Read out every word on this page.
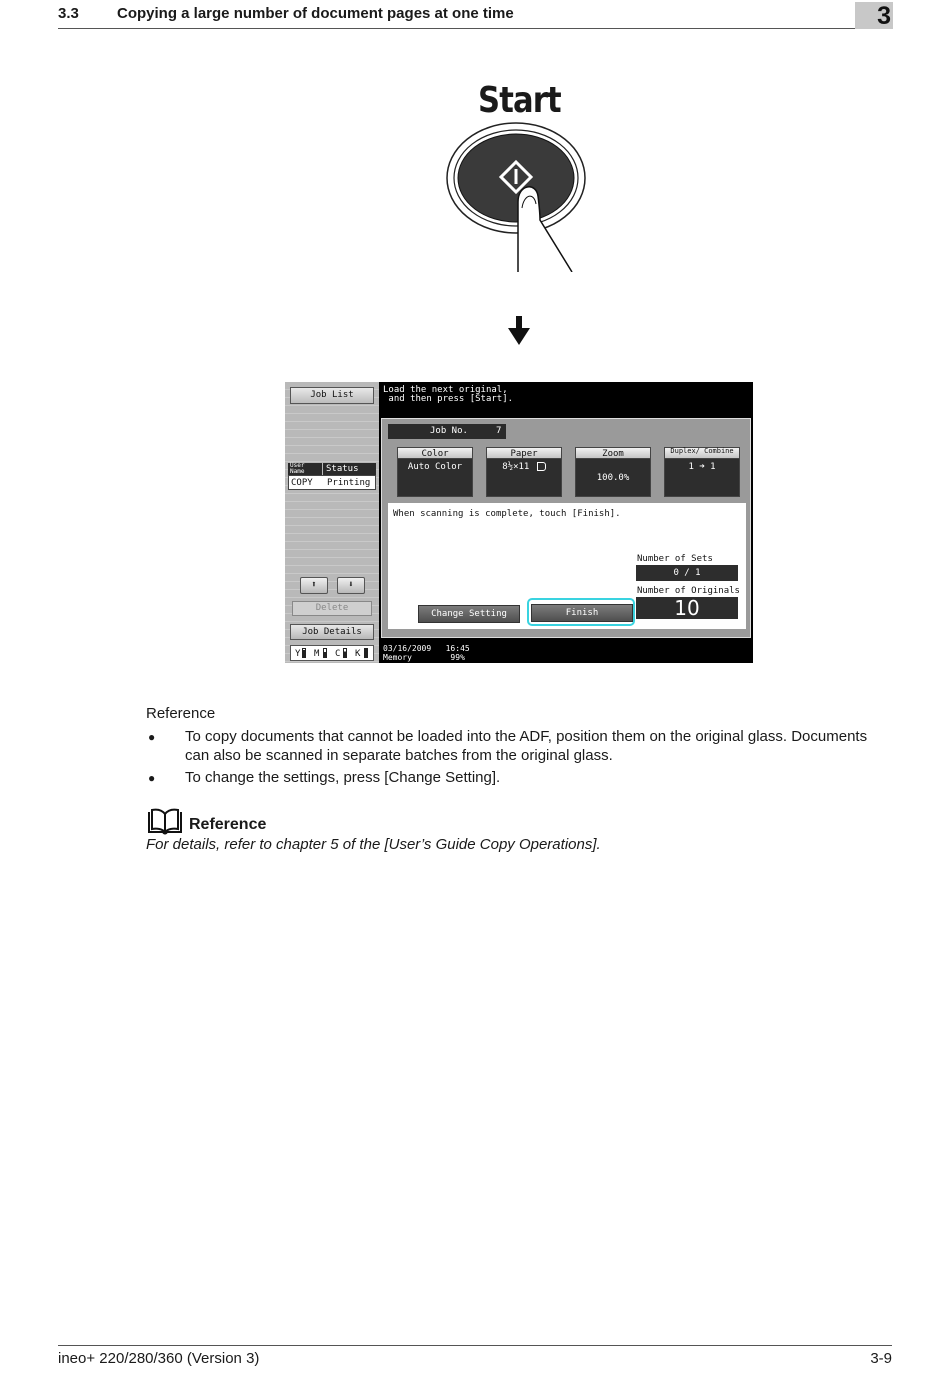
3.3	Copying a large number of document pages at one time	3
Start
Job List
User Name	Status
COPY Printing
⬆	⬇
Delete
Job Details
Y M C K
Load the next original,
and then press [Start].
Job No.	7
Color
Auto Color
Paper
8½×11
Zoom
100.0%
Duplex/ Combine
1 ➜ 1
When scanning is complete, touch [Finish].
Number of Sets
0 / 1
Number of Originals
10
Change Setting	Finish
03/16/2009   16:45
Memory        99%
Reference
● To copy documents that cannot be loaded into the ADF, position them on the original glass. Documents can also be scanned in separate batches from the original glass.
● To change the settings, press [Change Setting].
Reference
For details, refer to chapter 5 of the [User’s Guide Copy Operations].
ineo+ 220/280/360 (Version 3)	3-9
